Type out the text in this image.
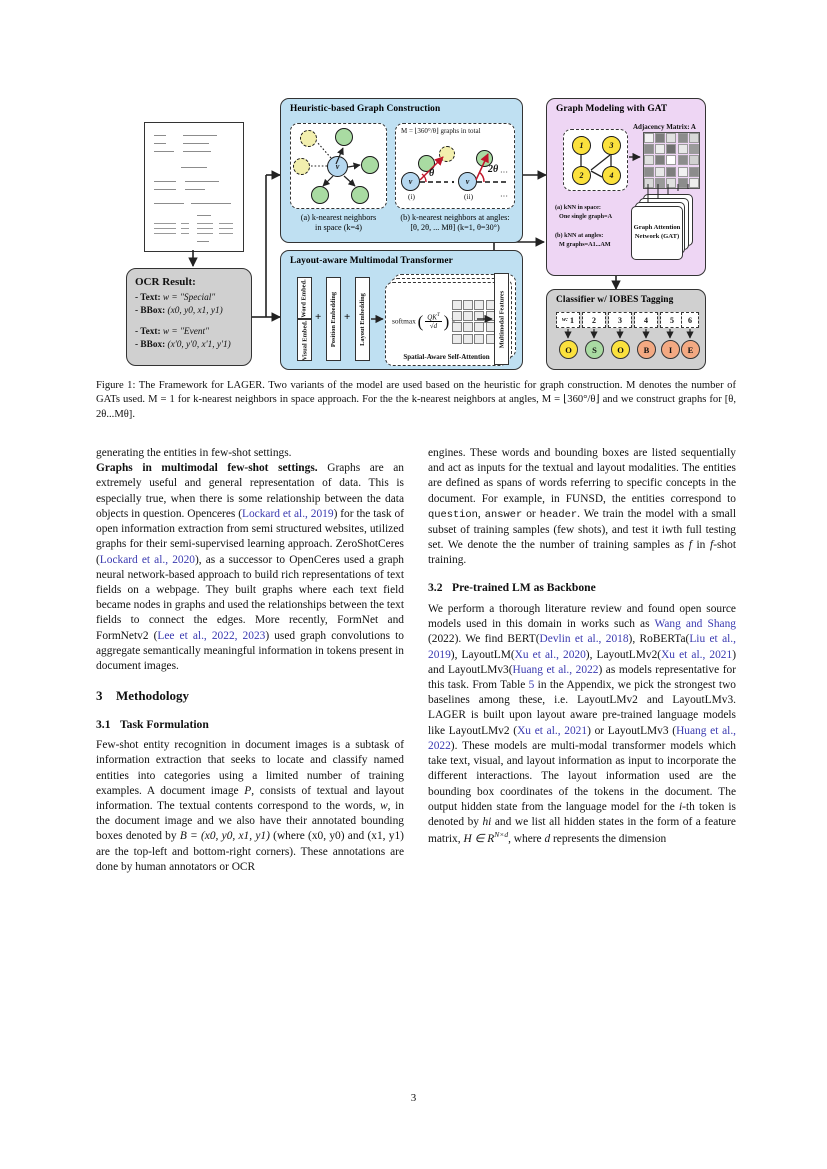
OCR Result:
- Text: w = "Special"
- BBox: (x0, y0, x1, y1)
- Text: w = "Event"
- BBox: (x'0, y'0, x'1, y'1)
Heuristic-based Graph Construction
v
M = ⌊360°/θ⌋ graphs in total
v	v
θ	2θ ···
(i)	(ii)	···
(a) k-nearest neighbors
in space (k=4)
(b) k-nearest neighbors at angles:
[θ, 2θ, ... Mθ] (k=1, θ=30°)
Layout-aware Multimodal Transformer
Word Embed.
Visual Embed.
+ Position Embedding + Layout Embedding	softmax ( $\frac{QK^T}{√d}$ )
Spatial-Aware Self-Attention
Multimodal Features
Graph Modeling with GAT
Adjacency Matrix: A
1	3
2	4
(a) kNN in space:
One single graph=A
(b) kNN at angles:
M graphs=A1...AM
Graph Attention Network (GAT)
Classifier w/ IOBES Tagging
w:
1 2	3	4	5 6
O S O B I E
Figure 1: The Framework for LAGER. Two variants of the model are used based on the heuristic for graph construction. M denotes the number of GATs used. M = 1 for k-nearest neighbors in space approach. For the the k-nearest neighbors at angles, M = ⌊360°/θ⌋ and we construct graphs for [θ, 2θ...Mθ].

generating the entities in few-shot settings.

Graphs in multimodal few-shot settings. Graphs are an extremely useful and general representation of data. This is especially true, when there is some relationship between the data objects in question. Openceres (Lockard et al., 2019) for the task of open information extraction from semi structured websites, utilized graphs for their semi-supervised learning approach. ZeroShotCeres (Lockard et al., 2020), as a successor to OpenCeres used a graph neural network-based approach to build rich representations of text fields on a webpage. They built graphs where each text field became nodes in graphs and used the relationships between the text fields to connect the edges. More recently, FormNet and FormNetv2 (Lee et al., 2022, 2023) used graph convolutions to aggregate semantically meaningful information in tokens present in document images.

3 Methodology
3.1 Task Formulation

Few-shot entity recognition in document images is a subtask of information extraction that seeks to locate and classify named entities into categories using a limited number of training examples. A document image P, consists of textual and layout information. The textual contents correspond to the words, w, in the document image and we also have their annotated bounding boxes denoted by B = (x0, y0, x1, y1) (where (x0, y0) and (x1, y1) are the top-left and bottom-right corners). These annotations are done by human annotators or OCR

engines. These words and bounding boxes are listed sequentially and act as inputs for the textual and layout modalities. The entities are defined as spans of words referring to specific concepts in the document. For example, in FUNSD, the entities correspond to question, answer or header. We train the model with a small subset of training samples (few shots), and test it iwth full testing set. We denote the the number of training samples as f in f-shot training.

3.2 Pre-trained LM as Backbone

We perform a thorough literature review and found open source models used in this domain in works such as Wang and Shang (2022). We find BERT(Devlin et al., 2018), RoBERTa(Liu et al., 2019), LayoutLM(Xu et al., 2020), LayoutLMv2(Xu et al., 2021) and LayoutLMv3(Huang et al., 2022) as models representative for this task. From Table 5 in the Appendix, we pick the strongest two baselines among these, i.e. LayoutLMv2 and LayoutLMv3. LAGER is built upon layout aware pre-trained language models like LayoutLMv2 (Xu et al., 2021) or LayoutLMv3 (Huang et al., 2022). These models are multi-modal transformer models which take text, visual, and layout information as input to incorporate the different interactions. The layout information used are the bounding box coordinates of the tokens in the document. The output hidden state from the language model for the i-th token is denoted by hi and we list all hidden states in the form of a feature matrix, H ∈ $R^{N\times d}$, where d represents the dimension

3
